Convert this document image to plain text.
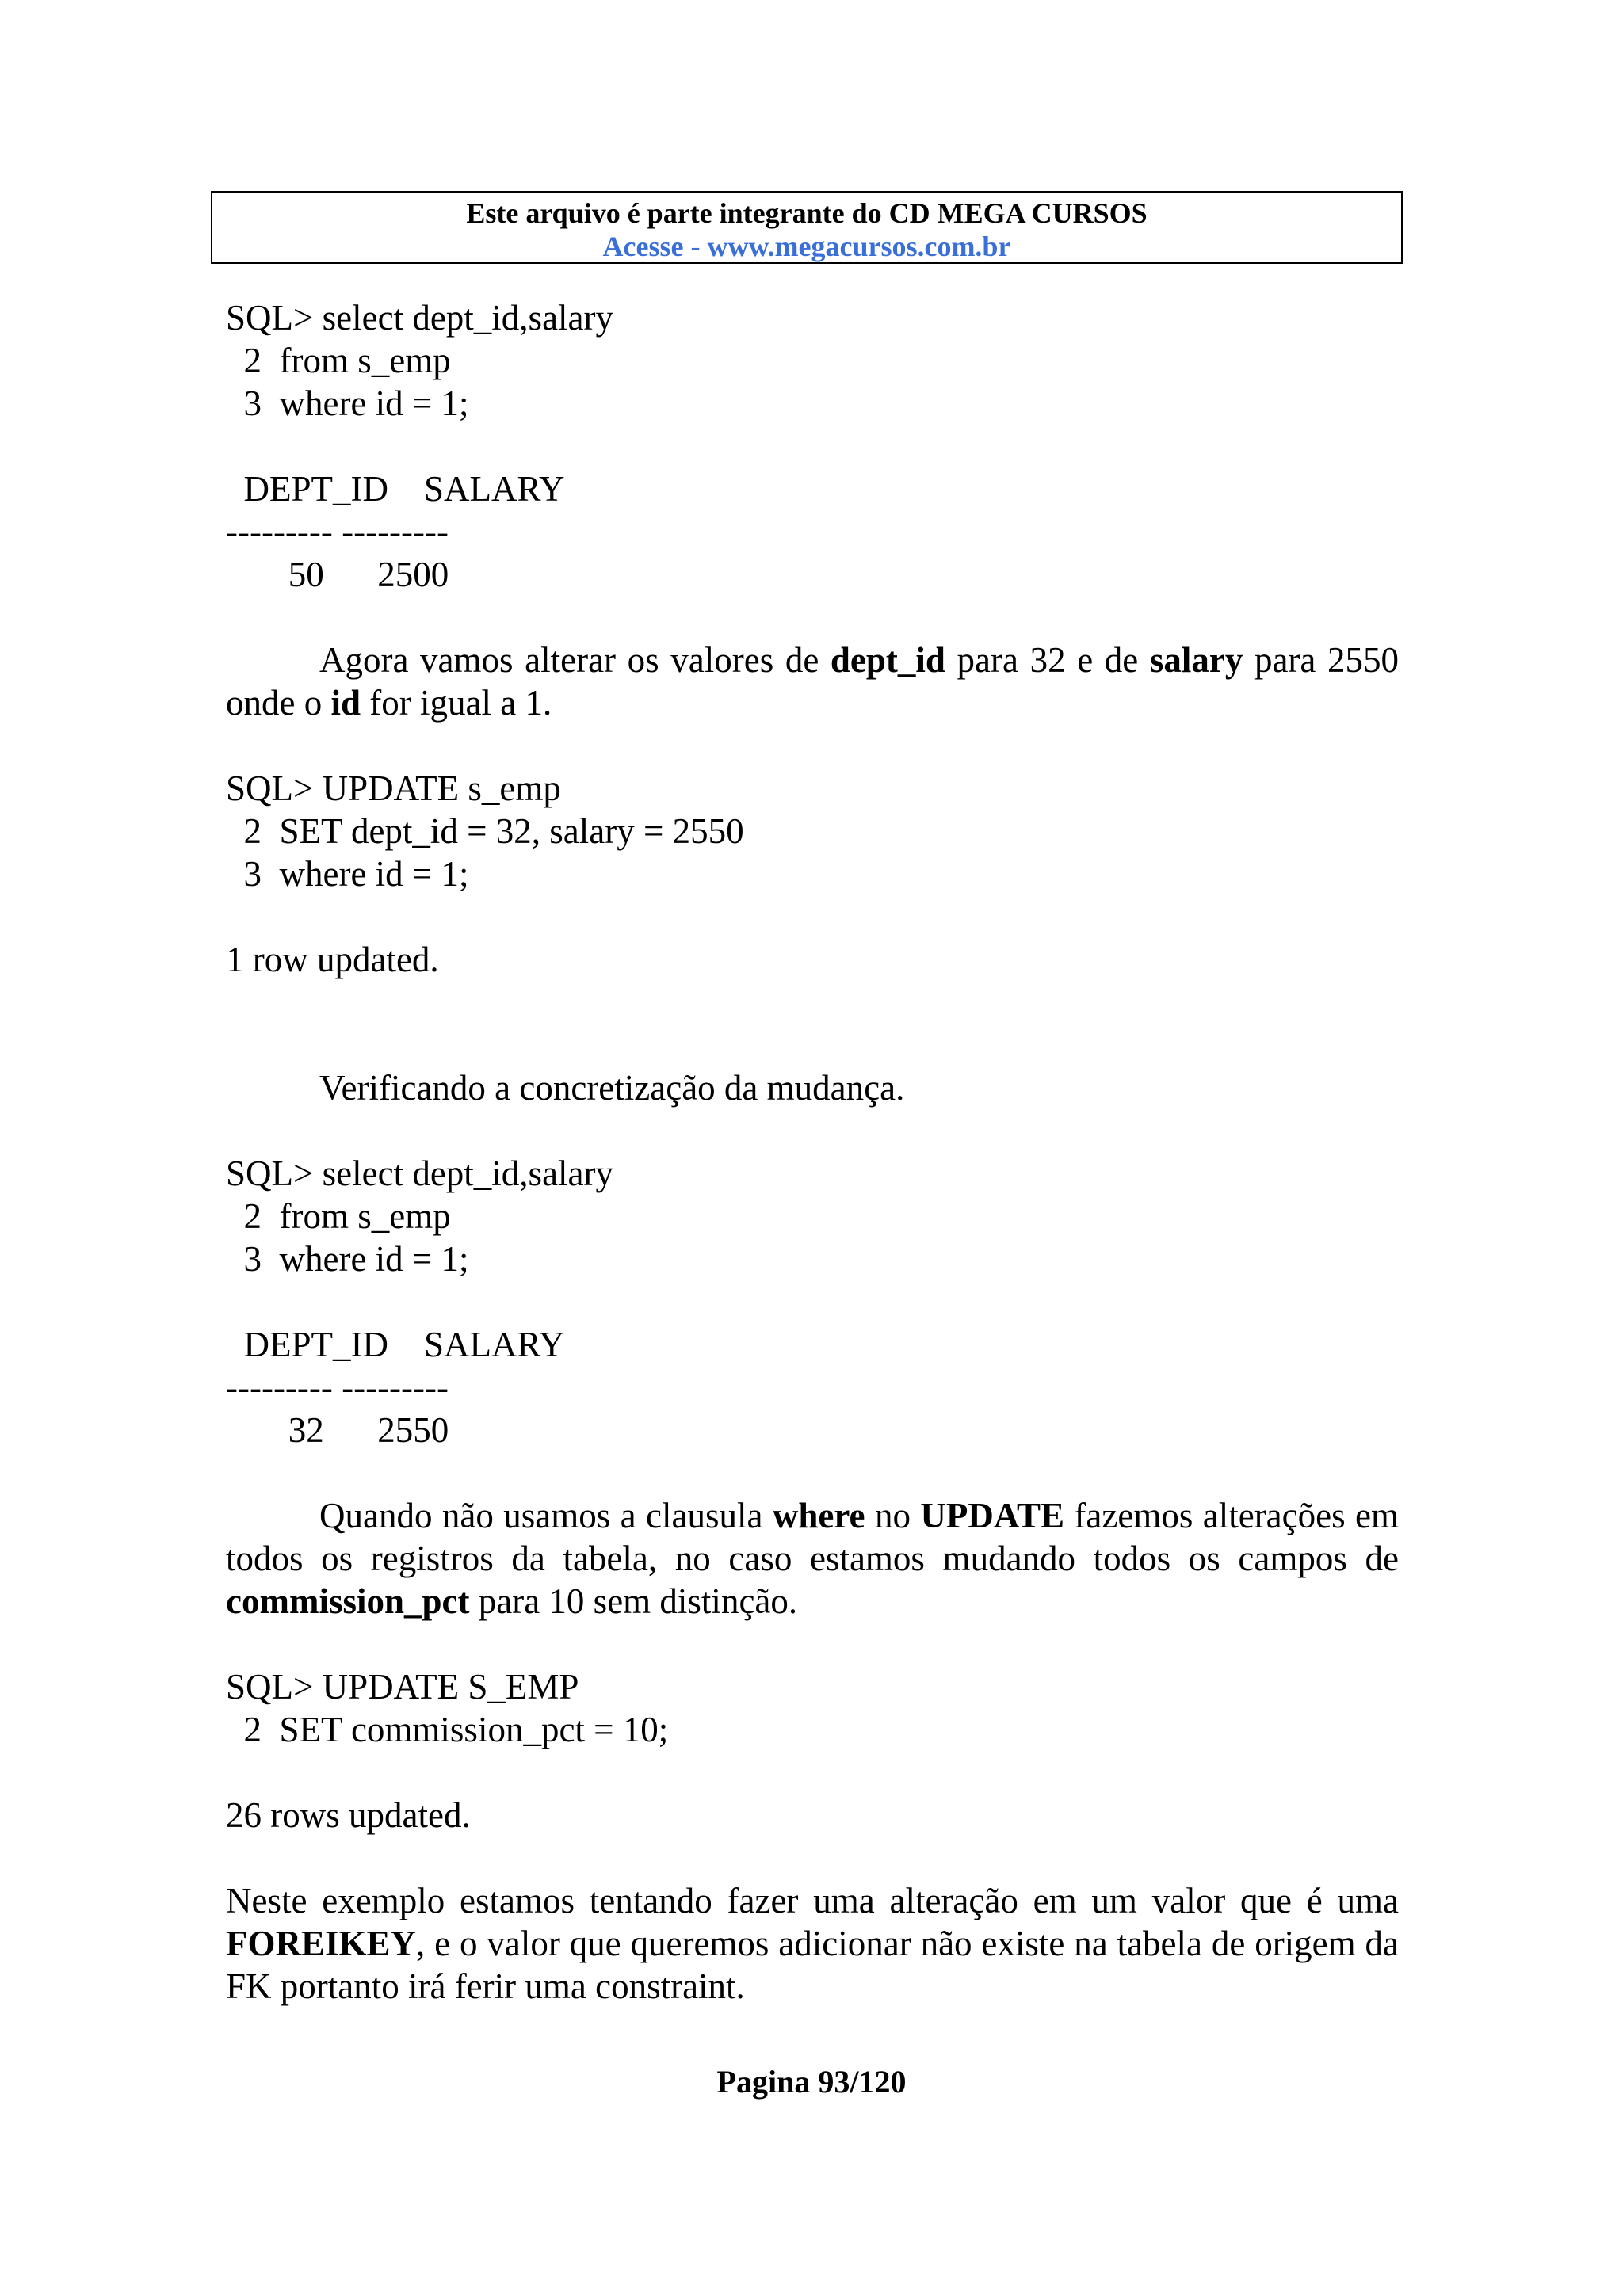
Este arquivo é parte integrante do CD MEGA CURSOS
Acesse - www.megacursos.com.br
SQL> select dept_id,salary
2  from s_emp
3  where id = 1;
DEPT_ID    SALARY
--------- ---------
50      2500
Agora vamos alterar os valores de dept_id para 32 e de salary para 2550 onde o id for igual a 1.
SQL> UPDATE s_emp
2  SET dept_id = 32, salary = 2550
3  where id = 1;
1 row updated.
Verificando a concretização da mudança.
SQL> select dept_id,salary
2  from s_emp
3  where id = 1;
DEPT_ID    SALARY
--------- ---------
32      2550
Quando não usamos a clausula where no UPDATE fazemos alterações em todos os registros da tabela, no caso estamos mudando todos os campos de commission_pct para 10 sem distinção.
SQL> UPDATE S_EMP
2  SET commission_pct = 10;
26 rows updated.
Neste exemplo estamos tentando fazer uma alteração em um valor que é uma FOREIKEY, e o valor que queremos adicionar não existe na tabela de origem da FK portanto irá ferir uma constraint.
Pagina 93/120
